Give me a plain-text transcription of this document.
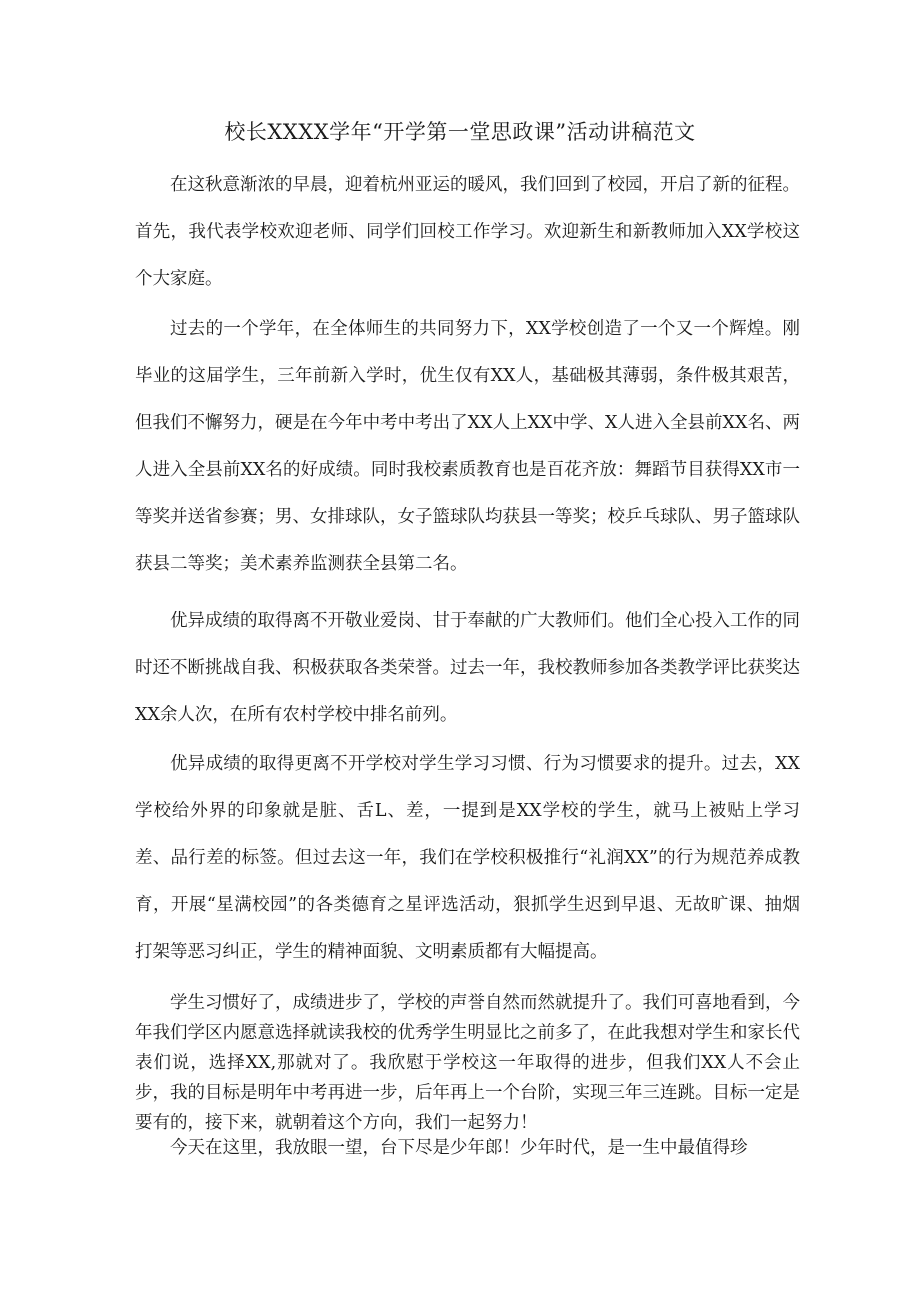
校长XXXX学年“开学第一堂思政课”活动讲稿范文

在这秋意渐浓的早晨，迎着杭州亚运的暖风，我们回到了校园，开启了新的征程。首先，我代表学校欢迎老师、同学们回校工作学习。欢迎新生和新教师加入XX学校这个大家庭。

过去的一个学年，在全体师生的共同努力下，XX学校创造了一个又一个辉煌。刚毕业的这届学生，三年前新入学时，优生仅有XX人，基础极其薄弱，条件极其艰苦，但我们不懈努力，硬是在今年中考中考出了XX人上XX中学、X人进入全县前XX名、两人进入全县前XX名的好成绩。同时我校素质教育也是百花齐放：舞蹈节目获得XX市一等奖并送省参赛；男、女排球队，女子篮球队均获县一等奖；校乒乓球队、男子篮球队获县二等奖；美术素养监测获全县第二名。

优异成绩的取得离不开敬业爱岗、甘于奉献的广大教师们。他们全心投入工作的同时还不断挑战自我、积极获取各类荣誉。过去一年，我校教师参加各类教学评比获奖达XX余人次，在所有农村学校中排名前列。

优异成绩的取得更离不开学校对学生学习习惯、行为习惯要求的提升。过去，XX学校给外界的印象就是脏、舌L、差，一提到是XX学校的学生，就马上被贴上学习差、品行差的标签。但过去这一年，我们在学校积极推行“礼润XX”的行为规范养成教育，开展“星满校园”的各类德育之星评选活动，狠抓学生迟到早退、无故旷课、抽烟打架等恶习纠正，学生的精神面貌、文明素质都有大幅提高。

学生习惯好了，成绩进步了，学校的声誉自然而然就提升了。我们可喜地看到，今年我们学区内愿意选择就读我校的优秀学生明显比之前多了，在此我想对学生和家长代表们说，选择XX,那就对了。我欣慰于学校这一年取得的进步，但我们XX人不会止步，我的目标是明年中考再进一步，后年再上一个台阶，实现三年三连跳。目标一定是要有的，接下来，就朝着这个方向，我们一起努力！

今天在这里，我放眼一望，台下尽是少年郎！少年时代，是一生中最值得珍
